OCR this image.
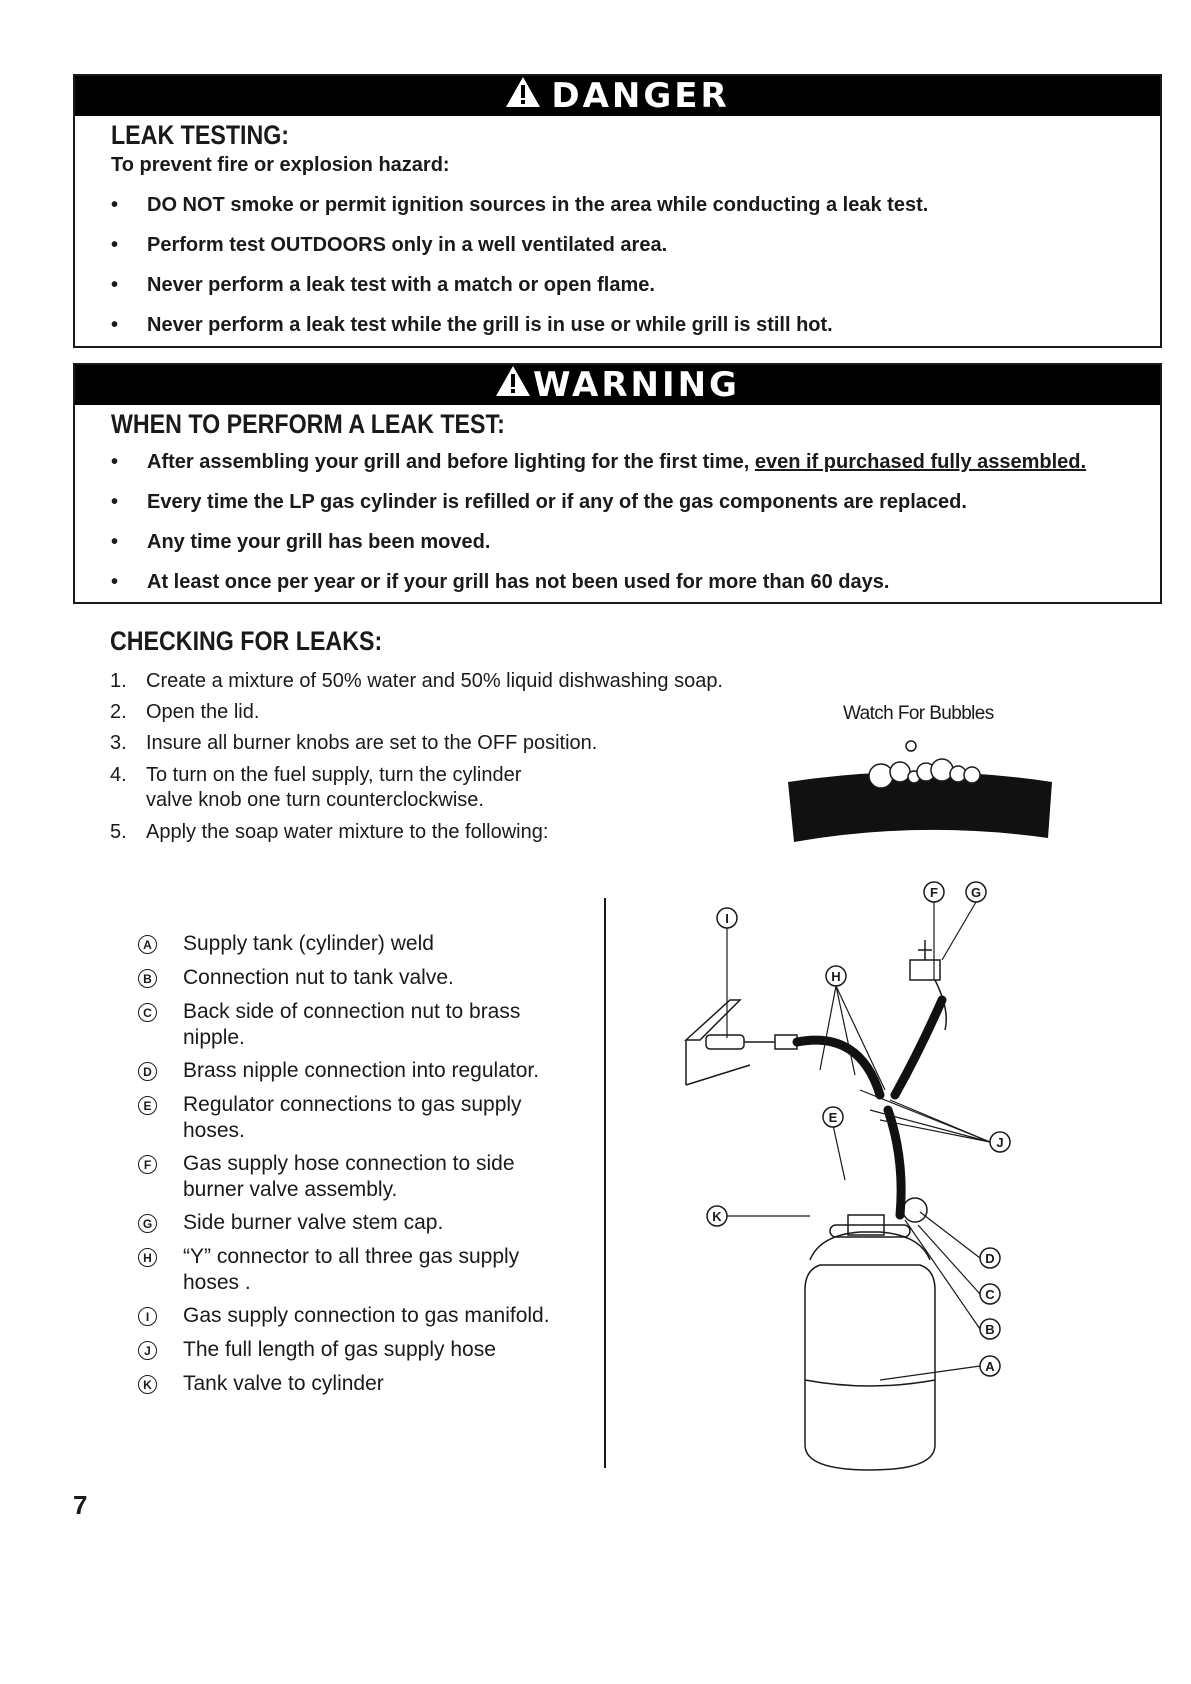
DANGER
LEAK TESTING:
To prevent fire or explosion hazard:
• DO NOT smoke or permit ignition sources in the area while conducting a leak test.
• Perform test OUTDOORS only in a well ventilated area.
• Never perform a leak test with a match or open flame.
• Never perform a leak test while the grill is in use or while grill is still hot.
WARNING
WHEN TO PERFORM A LEAK TEST:
• After assembling your grill and before lighting for the first time, even if purchased fully assembled.
• Every time the LP gas cylinder is refilled or if any of the gas components are replaced.
• Any time your grill has been moved.
• At least once per year or if your grill has not been used for more than 60 days.
CHECKING FOR LEAKS:
1. Create a mixture of 50% water and 50% liquid dishwashing soap.
2. Open the lid.
3. Insure all burner knobs are set to the OFF position.
4. To turn on the fuel supply, turn the cylinder
valve knob one turn counterclockwise.
5. Apply the soap water mixture to the following:
Watch For Bubbles
A Supply tank (cylinder) weld
B Connection nut to tank valve.
C Back side of connection nut to brass nipple.
D Brass nipple connection into regulator.
E Regulator connections to gas supply hoses.
F Gas supply hose connection to side burner valve assembly.
G Side burner valve stem cap.
H “Y” connector to all three gas supply hoses .
I	Gas supply connection to gas manifold.
J The full length of gas supply hose
K Tank valve to cylinder
F	G
I
H
J
E
K
D
C
B
A
7
